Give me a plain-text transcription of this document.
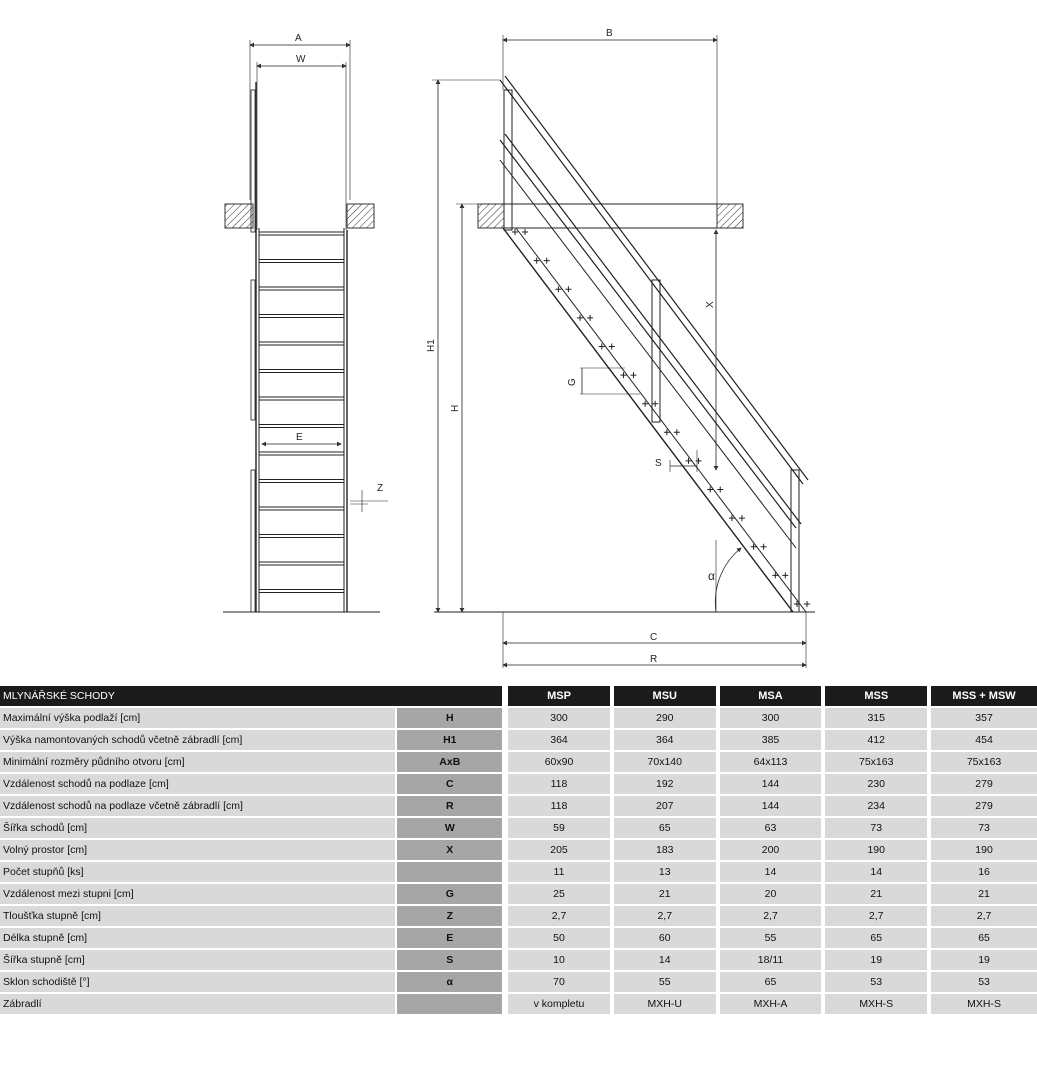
A
W
E
Z
B
H1
H
X
G
S
C
R
α
MLYNÁŘSKÉ SCHODY			MSP		MSU		MSA		MSS		MSS + MSW
Maximální výška podlaží [cm]	H		300		290		300		315		357
Výška namontovaných schodů včetně zábradlí [cm]	H1		364		364		385		412		454
Minimální rozměry půdního otvoru [cm]	AxB		60x90		70x140		64x113		75x163		75x163
Vzdálenost schodů na podlaze [cm]	C		118		192		144		230		279
Vzdálenost schodů na podlaze včetně zábradlí [cm]	R		118		207		144		234		279
Šířka schodů [cm]	W		59		65		63		73		73
Volný prostor [cm]	X		205		183		200		190		190
Počet stupňů [ks]			11		13		14		14		16
Vzdálenost mezi stupni [cm]	G		25		21		20		21		21
Tloušťka stupně [cm]	Z		2,7		2,7		2,7		2,7		2,7
Délka stupně [cm]	E		50		60		55		65		65
Šířka stupně [cm]	S		10		14		18/11		19		19
Sklon schodiště [°]	α		70		55		65		53		53
Zábradlí			v kompletu		MXH-U		MXH-A		MXH-S		MXH-S
